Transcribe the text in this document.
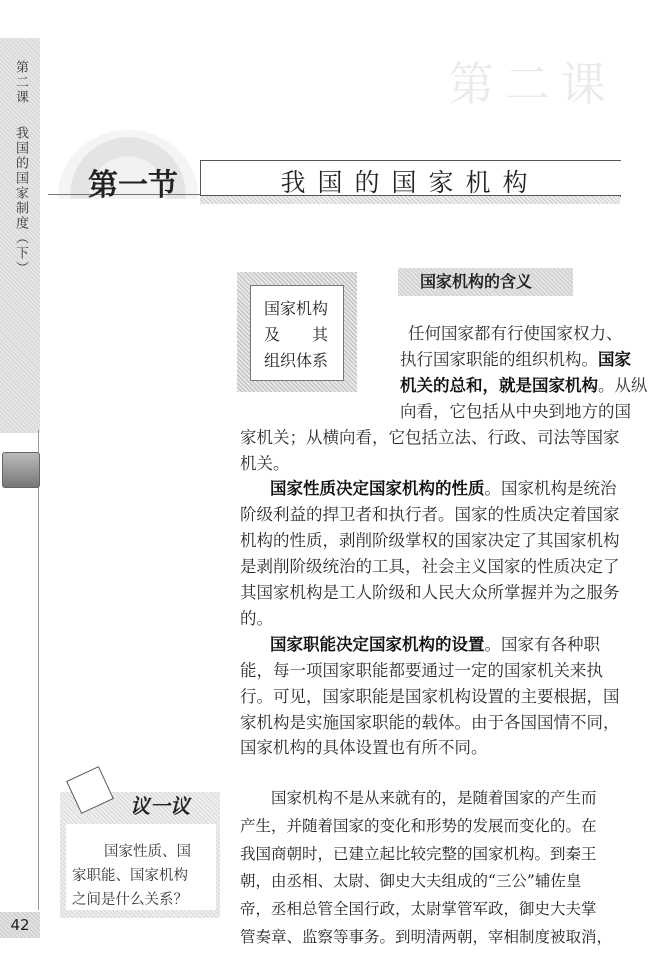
第二课
我国的国家制度（下）
42
第二课
第一节	我国的国家机构
国家机构
及　　其
组织体系
国家机构的含义
任何国家都有行使国家权力、
执行国家职能的组织机构。国家
机关的总和，就是国家机构。从纵
向看，它包括从中央到地方的国
家机关；从横向看，它包括立法、行政、司法等国家
机关。
国家性质决定国家机构的性质。国家机构是统治
阶级利益的捍卫者和执行者。国家的性质决定着国家
机构的性质，剥削阶级掌权的国家决定了其国家机构
是剥削阶级统治的工具，社会主义国家的性质决定了
其国家机构是工人阶级和人民大众所掌握并为之服务
的。
国家职能决定国家机构的设置。国家有各种职
能，每一项国家职能都要通过一定的国家机关来执
行。可见，国家职能是国家机构设置的主要根据，国
家机构是实施国家职能的载体。由于各国国情不同，
国家机构的具体设置也有所不同。
议一议
国家性质、国
家职能、国家机构
之间是什么关系？
　　国家机构不是从来就有的，是随着国家的产生而
产生，并随着国家的变化和形势的发展而变化的。在
我国商朝时，已建立起比较完整的国家机构。到秦王
朝，由丞相、太尉、御史大夫组成的“三公”辅佐皇
帝，丞相总管全国行政，太尉掌管军政，御史大夫掌
管奏章、监察等事务。到明清两朝，宰相制度被取消，
